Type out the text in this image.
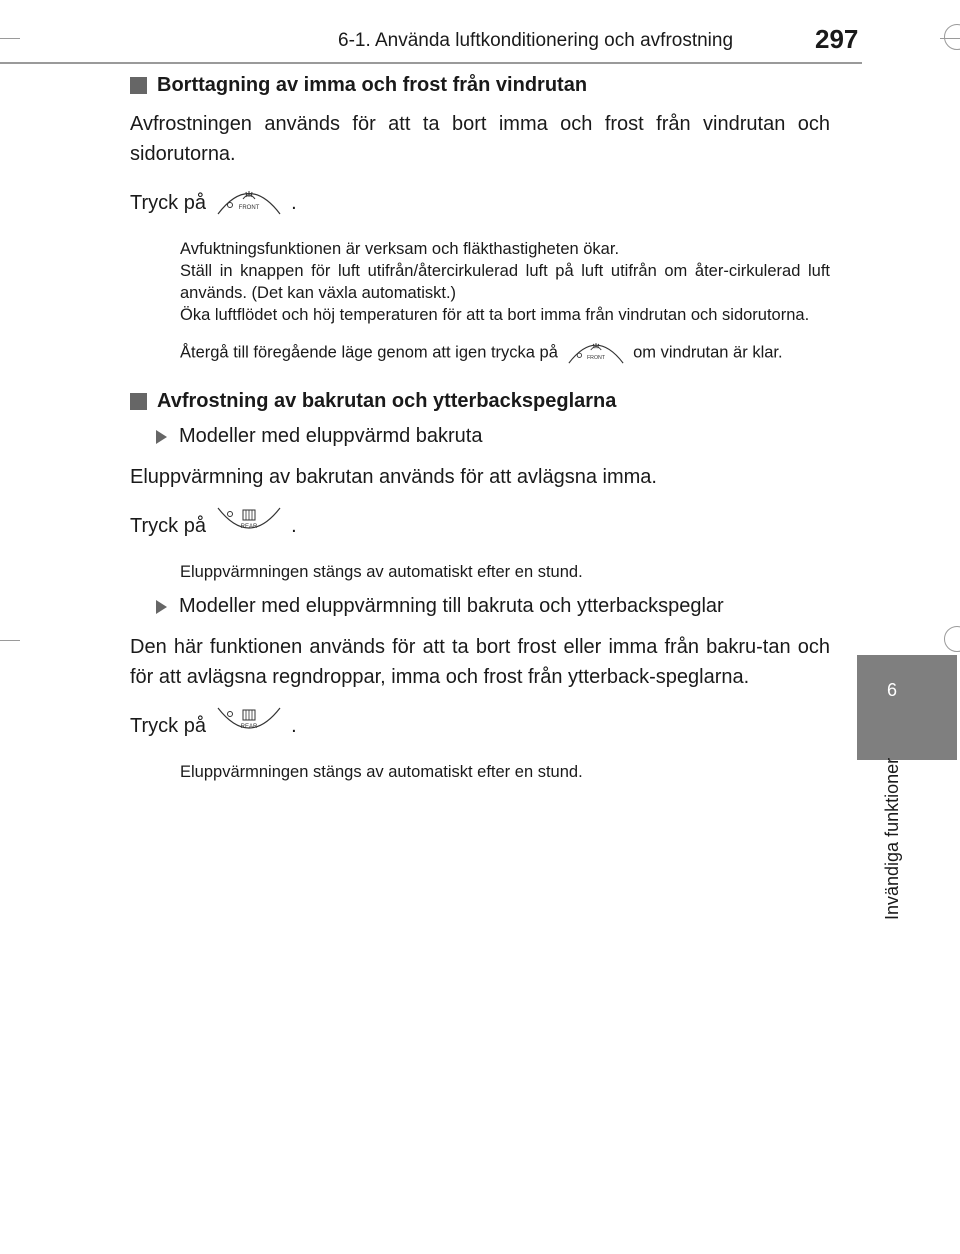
6-1. Använda luftkonditionering och avfrostning	297
6
Invändiga funktioner
Borttagning av imma och frost från vindrutan

Avfrostningen används för att ta bort imma och frost från vindrutan och sidorutorna.

Tryck på	FRONT .

Avfuktningsfunktionen är verksam och fläkthastigheten ökar.

Ställ in knappen för luft utifrån/återcirkulerad luft på luft utifrån om åter-cirkulerad luft används. (Det kan växla automatiskt.)

Öka luftflödet och höj temperaturen för att ta bort imma från vindrutan och sidorutorna.

Återgå till föregående läge genom att igen trycka på	FRONT om vindrutan är klar.

Avfrostning av bakrutan och ytterbackspeglarna
Modeller med eluppvärmd bakruta

Eluppvärmning av bakrutan används för att avlägsna imma.

Tryck på	REAR .

Eluppvärmningen stängs av automatiskt efter en stund.

Modeller med eluppvärmning till bakruta och ytterbackspeglar

Den här funktionen används för att ta bort frost eller imma från bakru-tan och för att avlägsna regndroppar, imma och frost från ytterback-speglarna.

Tryck på	REAR .

Eluppvärmningen stängs av automatiskt efter en stund.
